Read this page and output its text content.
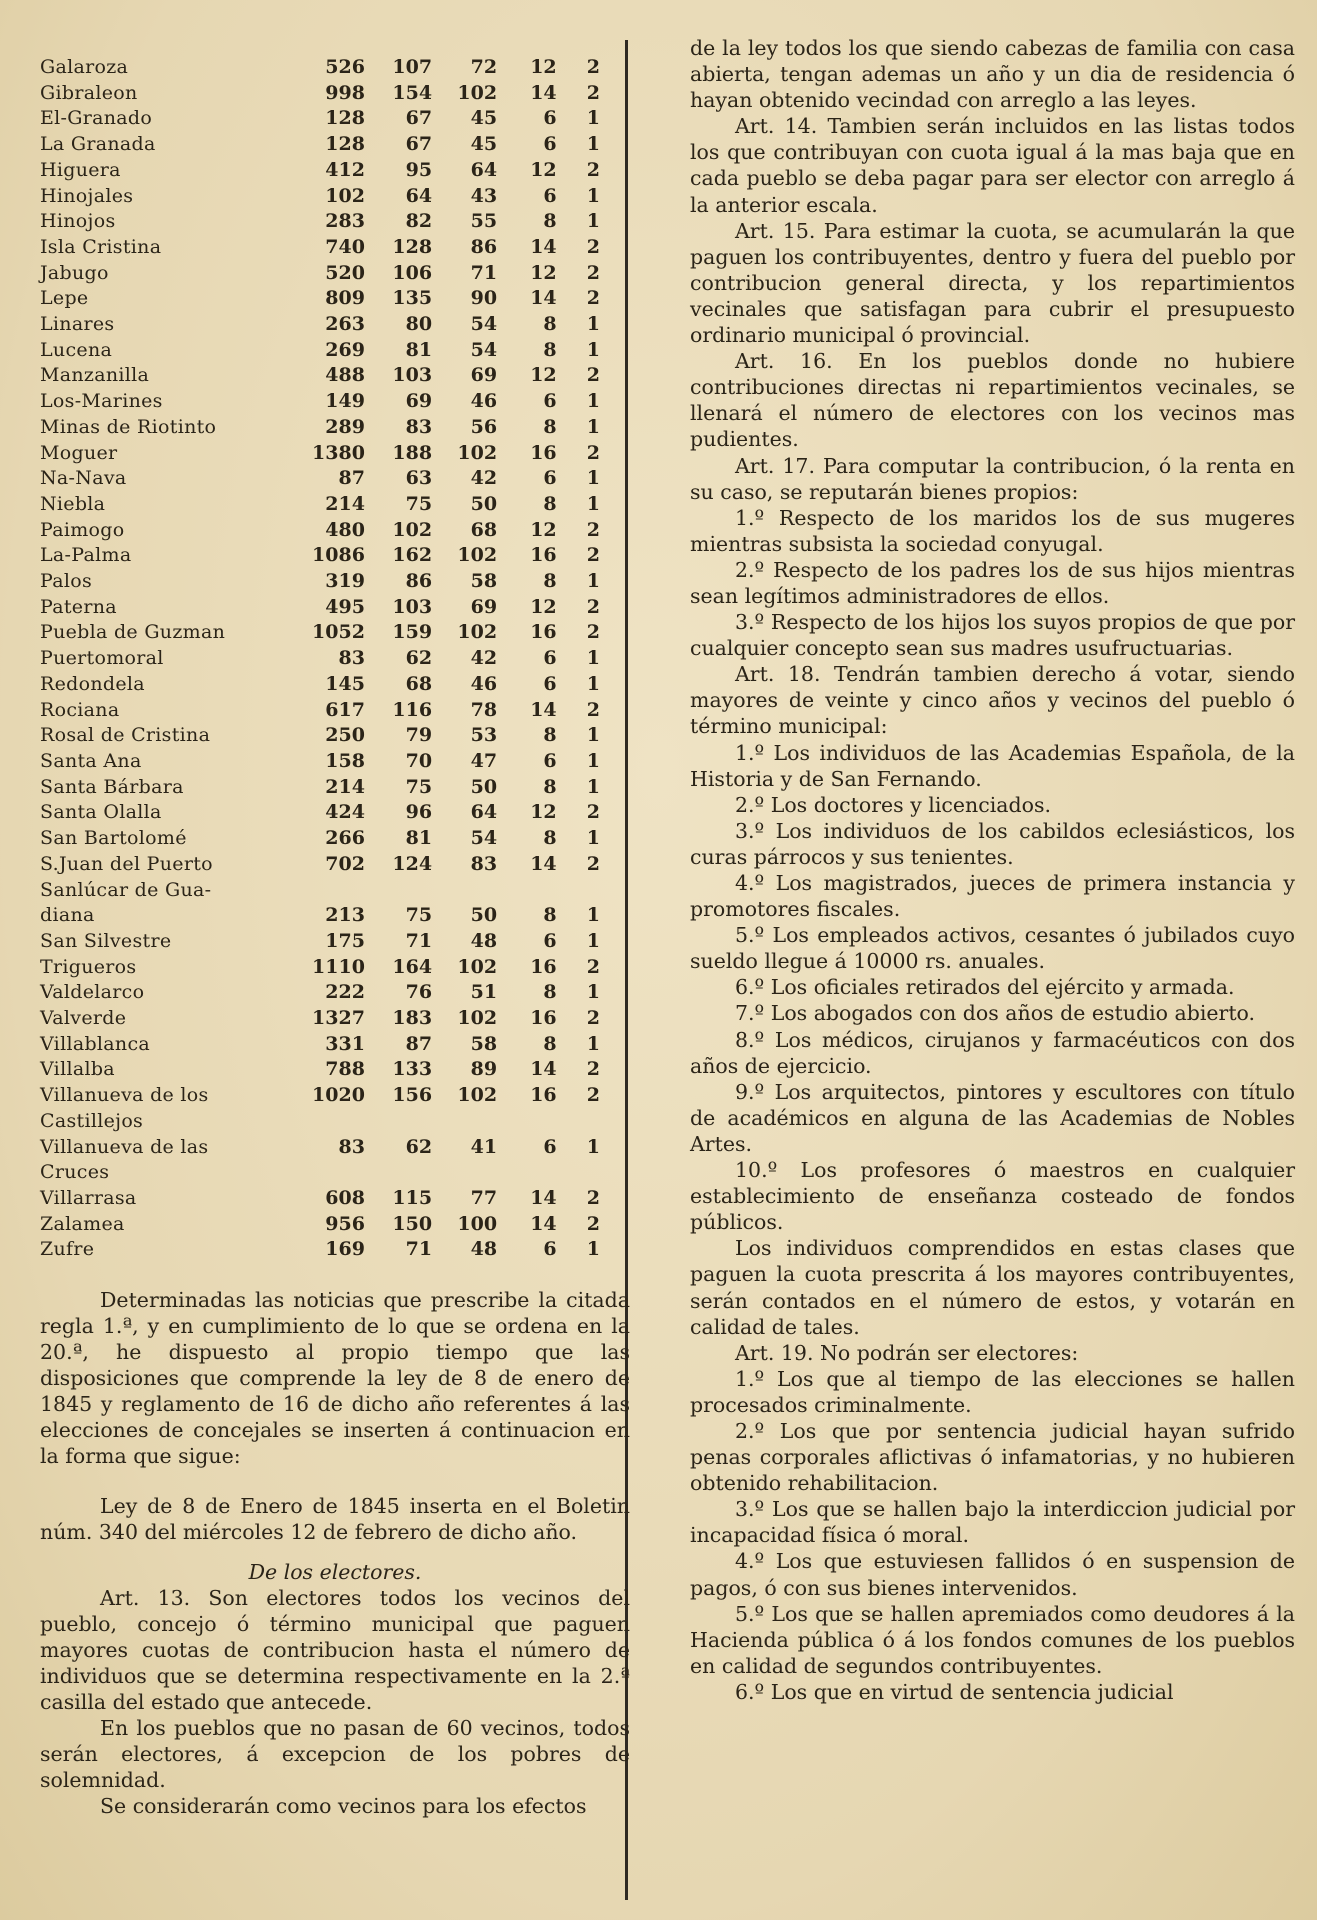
Galaroza	526	107	72	12	2
Gibraleon	998	154	102	14	2
El-Granado	128	67	45	6	1
La Granada	128	67	45	6	1
Higuera	412	95	64	12	2
Hinojales	102	64	43	6	1
Hinojos	283	82	55	8	1
Isla Cristina	740	128	86	14	2
Jabugo	520	106	71	12	2
Lepe	809	135	90	14	2
Linares	263	80	54	8	1
Lucena	269	81	54	8	1
Manzanilla	488	103	69	12	2
Los-Marines	149	69	46	6	1
Minas de Riotinto	289	83	56	8	1
Moguer	1380	188	102	16	2
Na-Nava	87	63	42	6	1
Niebla	214	75	50	8	1
Paimogo	480	102	68	12	2
La-Palma	1086	162	102	16	2
Palos	319	86	58	8	1
Paterna	495	103	69	12	2
Puebla de Guzman	1052	159	102	16	2
Puertomoral	83	62	42	6	1
Redondela	145	68	46	6	1
Rociana	617	116	78	14	2
Rosal de Cristina	250	79	53	8	1
Santa Ana	158	70	47	6	1
Santa Bárbara	214	75	50	8	1
Santa Olalla	424	96	64	12	2
San Bartolomé	266	81	54	8	1
S.Juan del Puerto	702	124	83	14	2
Sanlúcar de Gua-					
diana	213	75	50	8	1
San Silvestre	175	71	48	6	1
Trigueros	1110	164	102	16	2
Valdelarco	222	76	51	8	1
Valverde	1327	183	102	16	2
Villablanca	331	87	58	8	1
Villalba	788	133	89	14	2
Villanueva de los	1020	156	102	16	2
Castillejos					
Villanueva de las	83	62	41	6	1
Cruces					
Villarrasa	608	115	77	14	2
Zalamea	956	150	100	14	2
Zufre	169	71	48	6	1

Determinadas las noticias que prescribe la citada regla 1.ª, y en cumplimiento de lo que se ordena en la 20.ª, he dispuesto al propio tiempo que las disposiciones que comprende la ley de 8 de enero de 1845 y reglamento de 16 de dicho año referentes á las elecciones de concejales se inserten á continuacion en la forma que sigue:

Ley de 8 de Enero de 1845 inserta en el Boletin núm. 340 del miércoles 12 de febrero de dicho año.

De los electores.

Art. 13. Son electores todos los vecinos del pueblo, concejo ó término municipal que paguen mayores cuotas de contribucion hasta el número de individuos que se determina respectivamente en la 2.ª casilla del estado que antecede.

En los pueblos que no pasan de 60 vecinos, todos serán electores, á excepcion de los pobres de solemnidad.

Se considerarán como vecinos para los efectos

de la ley todos los que siendo cabezas de familia con casa abierta, tengan ademas un año y un dia de residencia ó hayan obtenido vecindad con arreglo a las leyes.

Art. 14. Tambien serán incluidos en las listas todos los que contribuyan con cuota igual á la mas baja que en cada pueblo se deba pagar para ser elector con arreglo á la anterior escala.

Art. 15. Para estimar la cuota, se acumularán la que paguen los contribuyentes, dentro y fuera del pueblo por contribucion general directa, y los repartimientos vecinales que satisfagan para cubrir el presupuesto ordinario municipal ó provincial.

Art. 16. En los pueblos donde no hubiere contribuciones directas ni repartimientos vecinales, se llenará el número de electores con los vecinos mas pudientes.

Art. 17. Para computar la contribucion, ó la renta en su caso, se reputarán bienes propios:

1.º Respecto de los maridos los de sus mugeres mientras subsista la sociedad conyugal.

2.º Respecto de los padres los de sus hijos mientras sean legítimos administradores de ellos.

3.º Respecto de los hijos los suyos propios de que por cualquier concepto sean sus madres usufructuarias.

Art. 18. Tendrán tambien derecho á votar, siendo mayores de veinte y cinco años y vecinos del pueblo ó término municipal:

1.º Los individuos de las Academias Española, de la Historia y de San Fernando.

2.º Los doctores y licenciados.

3.º Los individuos de los cabildos eclesiásticos, los curas párrocos y sus tenientes.

4.º Los magistrados, jueces de primera instancia y promotores fiscales.

5.º Los empleados activos, cesantes ó jubilados cuyo sueldo llegue á 10000 rs. anuales.

6.º Los oficiales retirados del ejército y armada.

7.º Los abogados con dos años de estudio abierto.

8.º Los médicos, cirujanos y farmacéuticos con dos años de ejercicio.

9.º Los arquitectos, pintores y escultores con título de académicos en alguna de las Academias de Nobles Artes.

10.º Los profesores ó maestros en cualquier establecimiento de enseñanza costeado de fondos públicos.

Los individuos comprendidos en estas clases que paguen la cuota prescrita á los mayores contribuyentes, serán contados en el número de estos, y votarán en calidad de tales.

Art. 19. No podrán ser electores:

1.º Los que al tiempo de las elecciones se hallen procesados criminalmente.

2.º Los que por sentencia judicial hayan sufrido penas corporales aflictivas ó infamatorias, y no hubieren obtenido rehabilitacion.

3.º Los que se hallen bajo la interdiccion judicial por incapacidad física ó moral.

4.º Los que estuviesen fallidos ó en suspension de pagos, ó con sus bienes intervenidos.

5.º Los que se hallen apremiados como deudores á la Hacienda pública ó á los fondos comunes de los pueblos en calidad de segundos contribuyentes.

6.º Los que en virtud de sentencia judicial
